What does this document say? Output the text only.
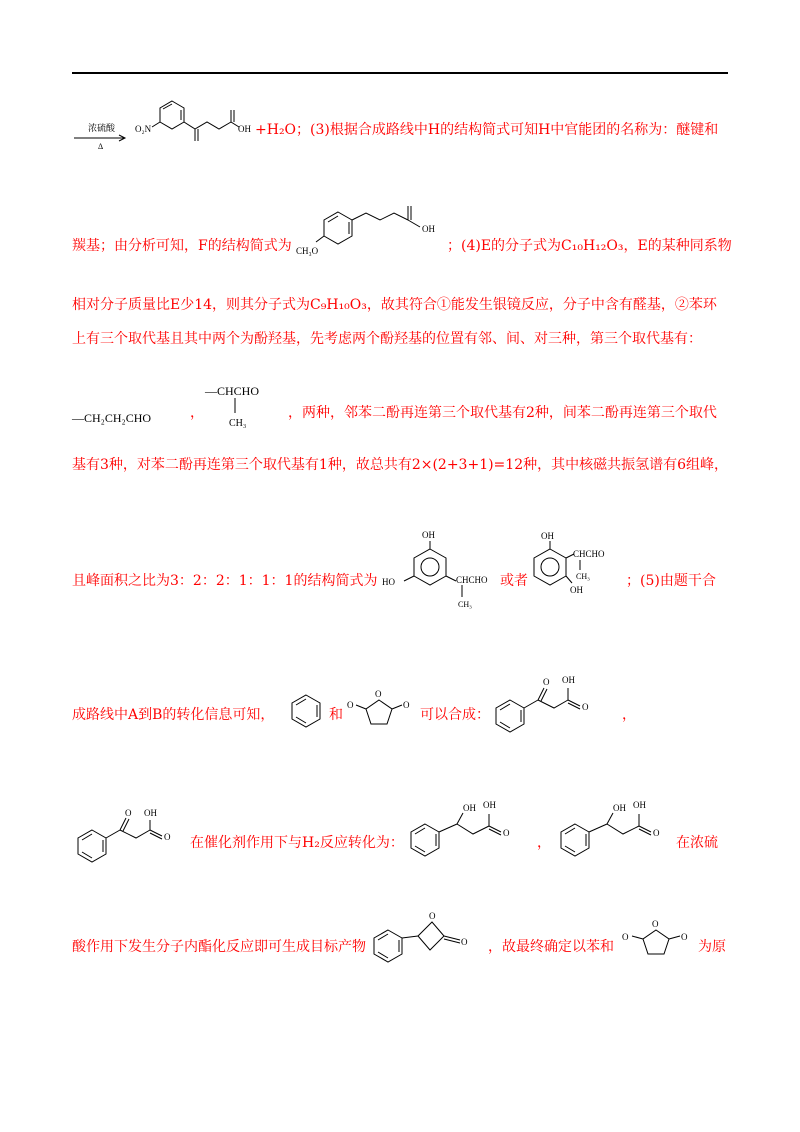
浓硫酸
Δ
O₂N	OH +H₂O；(3)根据合成路线中H的结构简式可知H中官能团的名称为：醚键和
羰基；由分析可知，F的结构简式为 CH₃O
OH
；(4)E的分子式为C₁₀H₁₂O₃，E的某种同系物
相对分子质量比E少14，则其分子式为C₉H₁₀O₃，故其符合①能发生银镜反应，分子中含有醛基，②苯环
上有三个取代基且其中两个为酚羟基，先考虑两个酚羟基的位置有邻、间、对三种，第三个取代基有：
—CH₂CH₂CHO	，
—CHCHO
CH₃
，两种，邻苯二酚再连第三个取代基有2种，间苯二酚再连第三个取代
基有3种，对苯二酚再连第三个取代基有1种，故总共有2×(2+3+1)=12种，其中核磁共振氢谱有6组峰，
且峰面积之比为3：2：2：1：1：1的结构简式为
OH
HO	CHCHO
CH₃
或者
OH
CHCHO
CH₃
OH
；(5)由题干合
成路线中A到B的转化信息可知，	和
O
O	O
可以合成：
O OH
O ，
O OH
O 在催化剂作用下与H₂反应转化为：
OH OH
O
，
OH OH
O
在浓硫
酸作用下发生分子内酯化反应即可生成目标产物
O
O ，故最终确定以苯和
O
O	O
为原
